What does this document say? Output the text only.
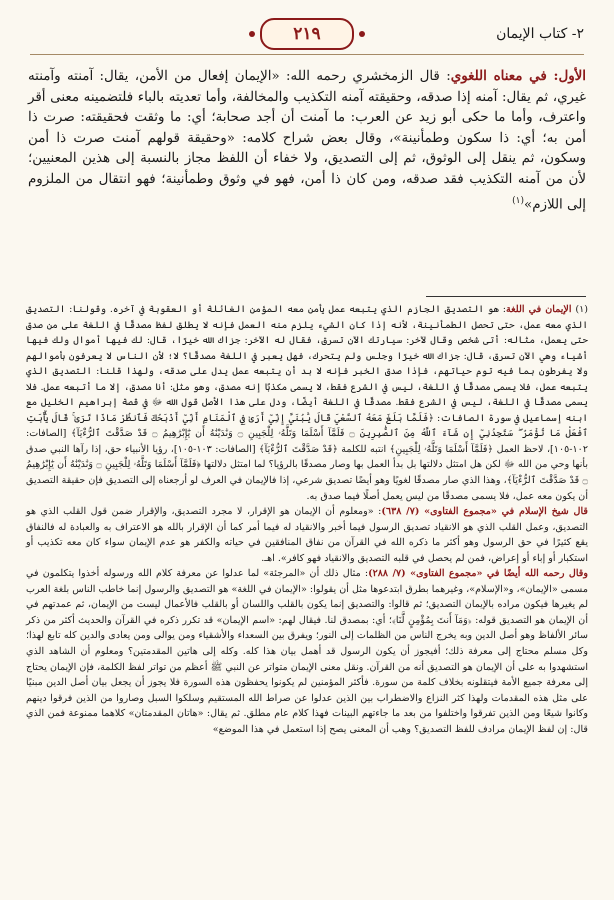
٢- كتاب الإيمان
٢١٩

الأول: في معناه اللغوي: قال الزمخشري رحمه الله: «الإيمان إفعال من الأمن، يقال: آمنته وآمنته غيري، ثم يقال: آمنه إذا صدقه، وحقيقته آمنه التكذيب والمخالفة، وأما تعديته بالباء فلتضمينه معنى أقر واعترف، وأما ما حكى أبو زيد عن العرب: ما آمنت أن أجد صحابة؛ أي: ما وثقت فحقيقته: صرت ذا أمن به؛ أي: ذا سكون وطمأنينة»، وقال بعض شراح كلامه: «وحقيقة قولهم آمنت صرت ذا أمن وسكون، ثم ينقل إلى الوثوق، ثم إلى التصديق، ولا خفاء أن اللفظ مجاز بالنسبة إلى هذين المعنيين؛ لأن من آمنه التكذيب فقد صدقه، ومن كان ذا أمن، فهو في وثوق وطمأنينة؛ فهو انتقال من الملزوم إلى اللازم»$^{(١)}$

(١) الإيمان في اللغة: هو التصديق الجازم الذي يتبعه عمل يأمن معه المؤمن الغائلة أو العقوبة في آخره. وقولنا: التصديق الذي معه عمل، حتى تحصل الطمأنينة، لأنه إذا كان الشيء يلزم منه العمل فإنه لا يطلق لفظ مصدقًا في اللغة على من صدق حتى يعمل، مثاله: أتى شخص وقال لآخر: سيارتك الآن تسرق، فقال له الآخر: جزاك الله خيرًا، قال: لك فيها أموال ولك فيها أشياء وهي الآن تسرق، قال: جزاك الله خيرًا وجلس ولم يتحرك، فهل يعبر في اللغة مصدقًا؟ لا؛ لأن الناس لا يعرفون بأموالهم ولا يفرطون بما فيه توم حياتهم، فإذا صدق الخبر فإنه لا بد أن يتبعه عمل يدل على صدقه، ولهذا قلنا: التصديق الذي يتبعه عمل، فلا يسمى مصدقًا في اللغة، ليس في الشرع فقط، لا يسمى مكذبًا إنه مصدق، وهو مثل: أنا مصدق، إلا ما أتبعه عمل. فلا يسمى مصدقًا في اللغة، ليس في الشرع فقط. مصدقًا في اللغة أيضًا، ودل على هذا الأصل قول الله ﷻ في قصة إبراهيم الخليل مع ابنه إسماعيل في سورة الصافات: ﴿فَلَمَّا بَلَغَ مَعَهُ ٱلسَّعْيَ قَالَ يَٰبُنَيَّ إِنِّيٓ أَرَىٰ فِي ٱلْمَنَامِ أَنِّيٓ أَذْبَحُكَ فَٱنظُرْ مَاذَا تَرَىٰ ۚ قَالَ يَٰٓأَبَتِ ٱفْعَلْ مَا تُؤْمَرُ ۖ سَتَجِدُنِيٓ إِن شَآءَ ٱللَّهُ مِنَ ٱلصَّٰبِرِينَ ۝ فَلَمَّآ أَسْلَمَا وَتَلَّهُۥ لِلْجَبِينِ ۝ وَنَٰدَيْنَٰهُ أَن يَٰٓإِبْرَٰهِيمُ ۝ قَدْ صَدَّقْتَ ٱلرُّءْيَآ﴾ [الصافات: ١٠٢-١٠٥]، لاحظ العمل ﴿فَلَمَّآ أَسْلَمَا وَتَلَّهُۥ لِلْجَبِينِ﴾ انتبه للكلمة ﴿قَدْ صَدَّقْتَ ٱلرُّءْيَآ﴾ [الصافات: ١٠٣-١٠٥]، رؤيا الأنبياء حق، إذا رآها النبي صدق بأنها وحي من الله ﷻ لكن هل امتثل دلالتها بل بدأ العمل بها وصار مصدقًا بالرؤيا؟ لما امتثل دلالتها ﴿فَلَمَّآ أَسْلَمَا وَتَلَّهُۥ لِلْجَبِينِ ۝ وَنَٰدَيْنَٰهُ أَن يَٰٓإِبْرَٰهِيمُ ۝ قَدْ صَدَّقْتَ ٱلرُّءْيَآ﴾، وهذا الذي صار مصدقًا لغويًا وهو أيضًا تصديق شرعي، إذا فالإيمان في العرف لو أرجعناه إلى التصديق فإن حقيقة التصديق أن يكون معه عمل، فلا يسمى مصدقًا من ليس يعمل أصلًا فيما صدق به.

قال شيخ الإسلام في «مجموع الفتاوى» (٧/ ٦٣٨): «ومعلوم أن الإيمان هو الإقرار، لا مجرد التصديق، والإقرار ضمن قول القلب الذي هو التصديق، وعمل القلب الذي هو الانقياد تصديق الرسول فيما أخبر والانقياد له فيما أمر كما أن الإقرار بالله هو الاعتراف به والعبادة له فالنفاق يقع كثيرًا في حق الرسول وهو أكثر ما ذكره الله في القرآن من نفاق المنافقين في حياته والكفر هو عدم الإيمان سواء كان معه تكذيب أو استكبار أو إباء أو إعراض، فمن لم يحصل في قلبه التصديق والانقياد فهو كافر». اهـ.

وقال رحمه الله أيضًا في «مجموع الفتاوى» (٧/ ٢٨٨): مثال ذلك أن «المرجئة» لما عدلوا عن معرفة كلام الله ورسوله أخذوا يتكلمون في مسمى «الإيمان»، و«الإسلام»، وغيرهما بطرق ابتدعوها مثل أن يقولوا: «الإيمان في اللغة» هو التصديق والرسول إنما خاطب الناس بلغة العرب لم يغيرها فيكون مراده بالإيمان التصديق؛ ثم قالوا: والتصديق إنما يكون بالقلب واللسان أو بالقلب فالأعمال ليست من الإيمان، ثم عمدتهم في أن الإيمان هو التصديق قوله: ﴿وَمَآ أَنتَ بِمُؤْمِنٍ لَّنَا﴾؛ أي: بمصدق لنا. فيقال لهم: «اسم الإيمان» قد تكرر ذكره في القرآن والحديث أكثر من ذكر سائر الألفاظ وهو أصل الدين وبه يخرج الناس من الظلمات إلى النور؛ ويفرق بين السعداء والأشقياء ومن يوالى ومن يعادى والدين كله تابع لهذا؛ وكل مسلم محتاج إلى معرفة ذلك؛ أفيجوز أن يكون الرسول قد أهمل بيان هذا كله. وكله إلى هاتين المقدمتين؟ ومعلوم أن الشاهد الذي استشهدوا به على أن الإيمان هو التصديق أنه من القرآن. ونقل معنى الإيمان متواتر عن النبي ﷺ أعظم من تواتر لفظ الكلمة، فإن الإيمان يحتاج إلى معرفة جميع الأمة فيتقلونه بخلاف كلمة من سورة. فأكثر المؤمنين لم يكونوا يحفظون هذه السورة فلا يجوز أن يجعل بيان أصل الدين مبنيًا على مثل هذه المقدمات ولهذا كثر النزاع والاضطراب بين الذين عدلوا عن صراط الله المستقيم وسلكوا السبل وصاروا من الذين فرقوا دينهم وكانوا شيعًا ومن الذين تفرقوا واختلفوا من بعد ما جاءتهم البينات فهذا كلام عام مطلق. ثم يقال: «هاتان المقدمتان» كلاهما ممنوعة فمن الذي قال: إن لفظ الإيمان مرادف للفظ التصديق؟ وهب أن المعنى يصح إذا استعمل في هذا الموضع»
